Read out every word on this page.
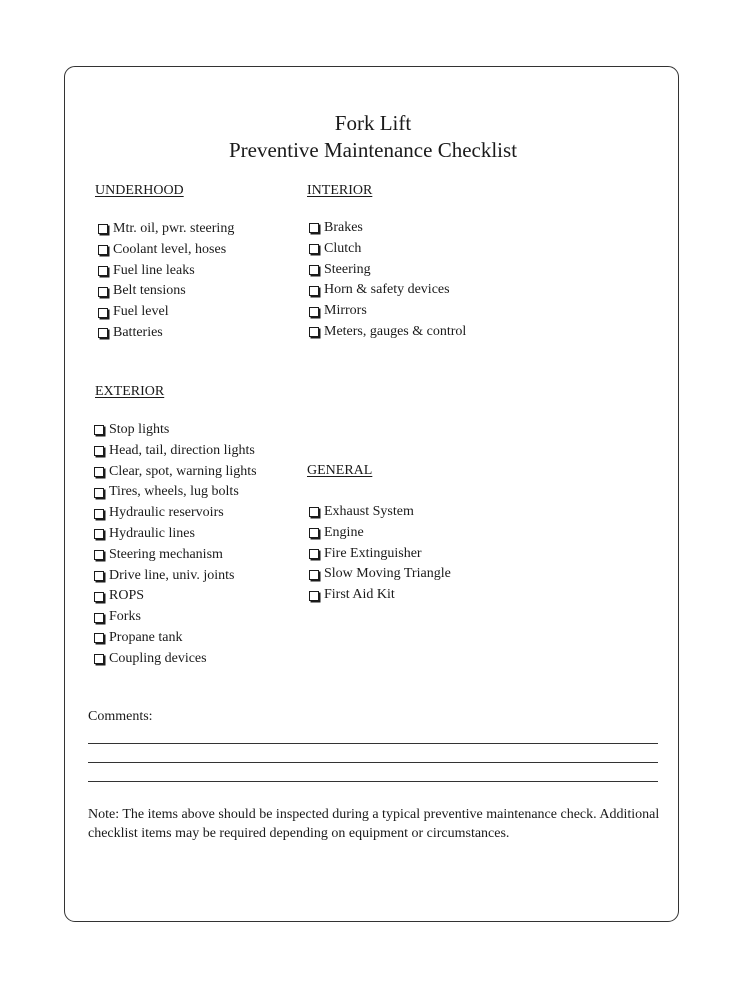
Fork Lift
Preventive Maintenance Checklist
UNDERHOOD
Mtr. oil, pwr. steering
Coolant level, hoses
Fuel line leaks
Belt tensions
Fuel level
Batteries
INTERIOR
Brakes
Clutch
Steering
Horn & safety devices
Mirrors
Meters, gauges & control
EXTERIOR
Stop lights
Head, tail, direction lights
Clear, spot, warning lights
Tires, wheels, lug bolts
Hydraulic reservoirs
Hydraulic lines
Steering mechanism
Drive line, univ. joints
ROPS
Forks
Propane tank
Coupling devices
GENERAL
Exhaust System
Engine
Fire Extinguisher
Slow Moving Triangle
First Aid Kit

Comments:

Note: The items above should be inspected during a typical preventive maintenance check. Additional checklist items may be required depending on equipment or circumstances.
